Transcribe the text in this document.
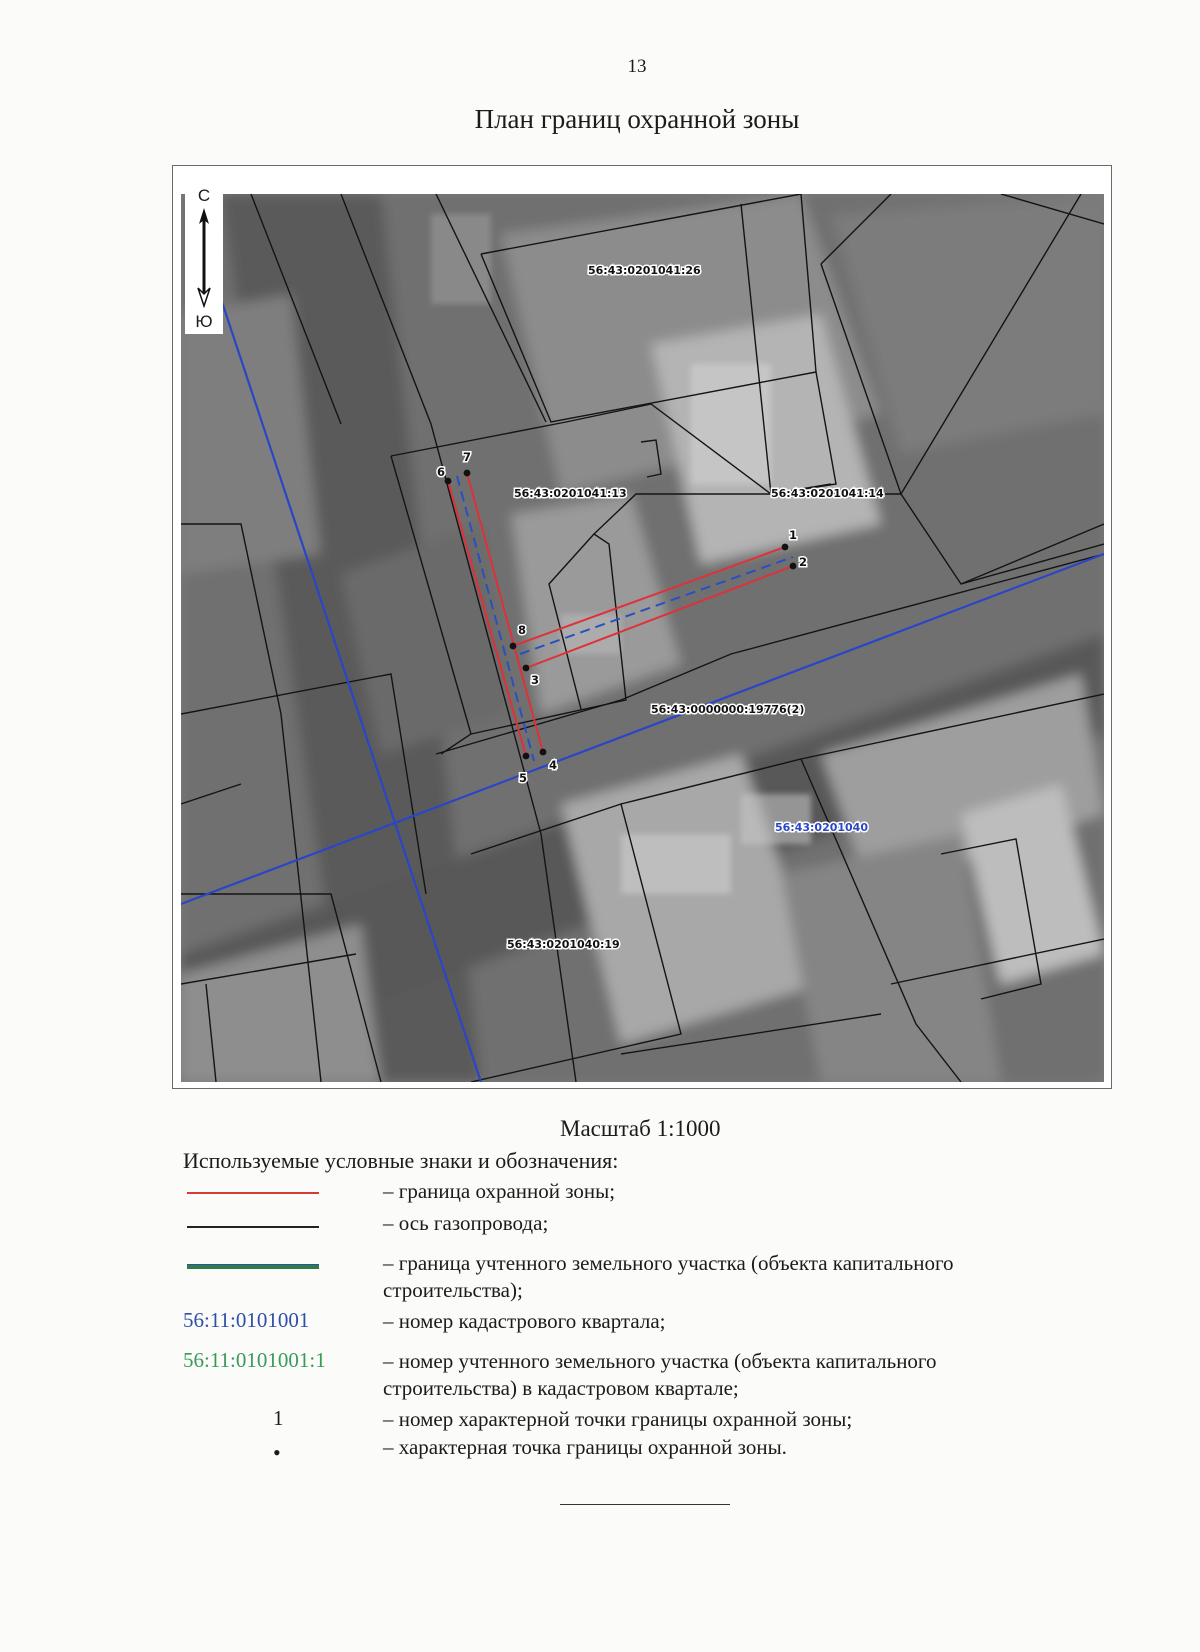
13
План границ охранной зоны
1
2
3
4
5
6
7
8
56:43:0201041:26
56:43:0201041:13	56:43:0201041:14
56:43:0000000:19776(2)
56:43:0201040:19
56:43:0201040
С
Ю
Масштаб 1:1000
Используемые условные знаки и обозначения:
– граница охранной зоны;
– ось газопровода;
– граница учтенного земельного участка (объекта капитального строительства);
56:11:0101001	– номер кадастрового квартала;
56:11:0101001:1	– номер учтенного земельного участка (объекта капитального строительства) в кадастровом квартале;
1	– номер характерной точки границы охранной зоны;
•	– характерная точка границы охранной зоны.
